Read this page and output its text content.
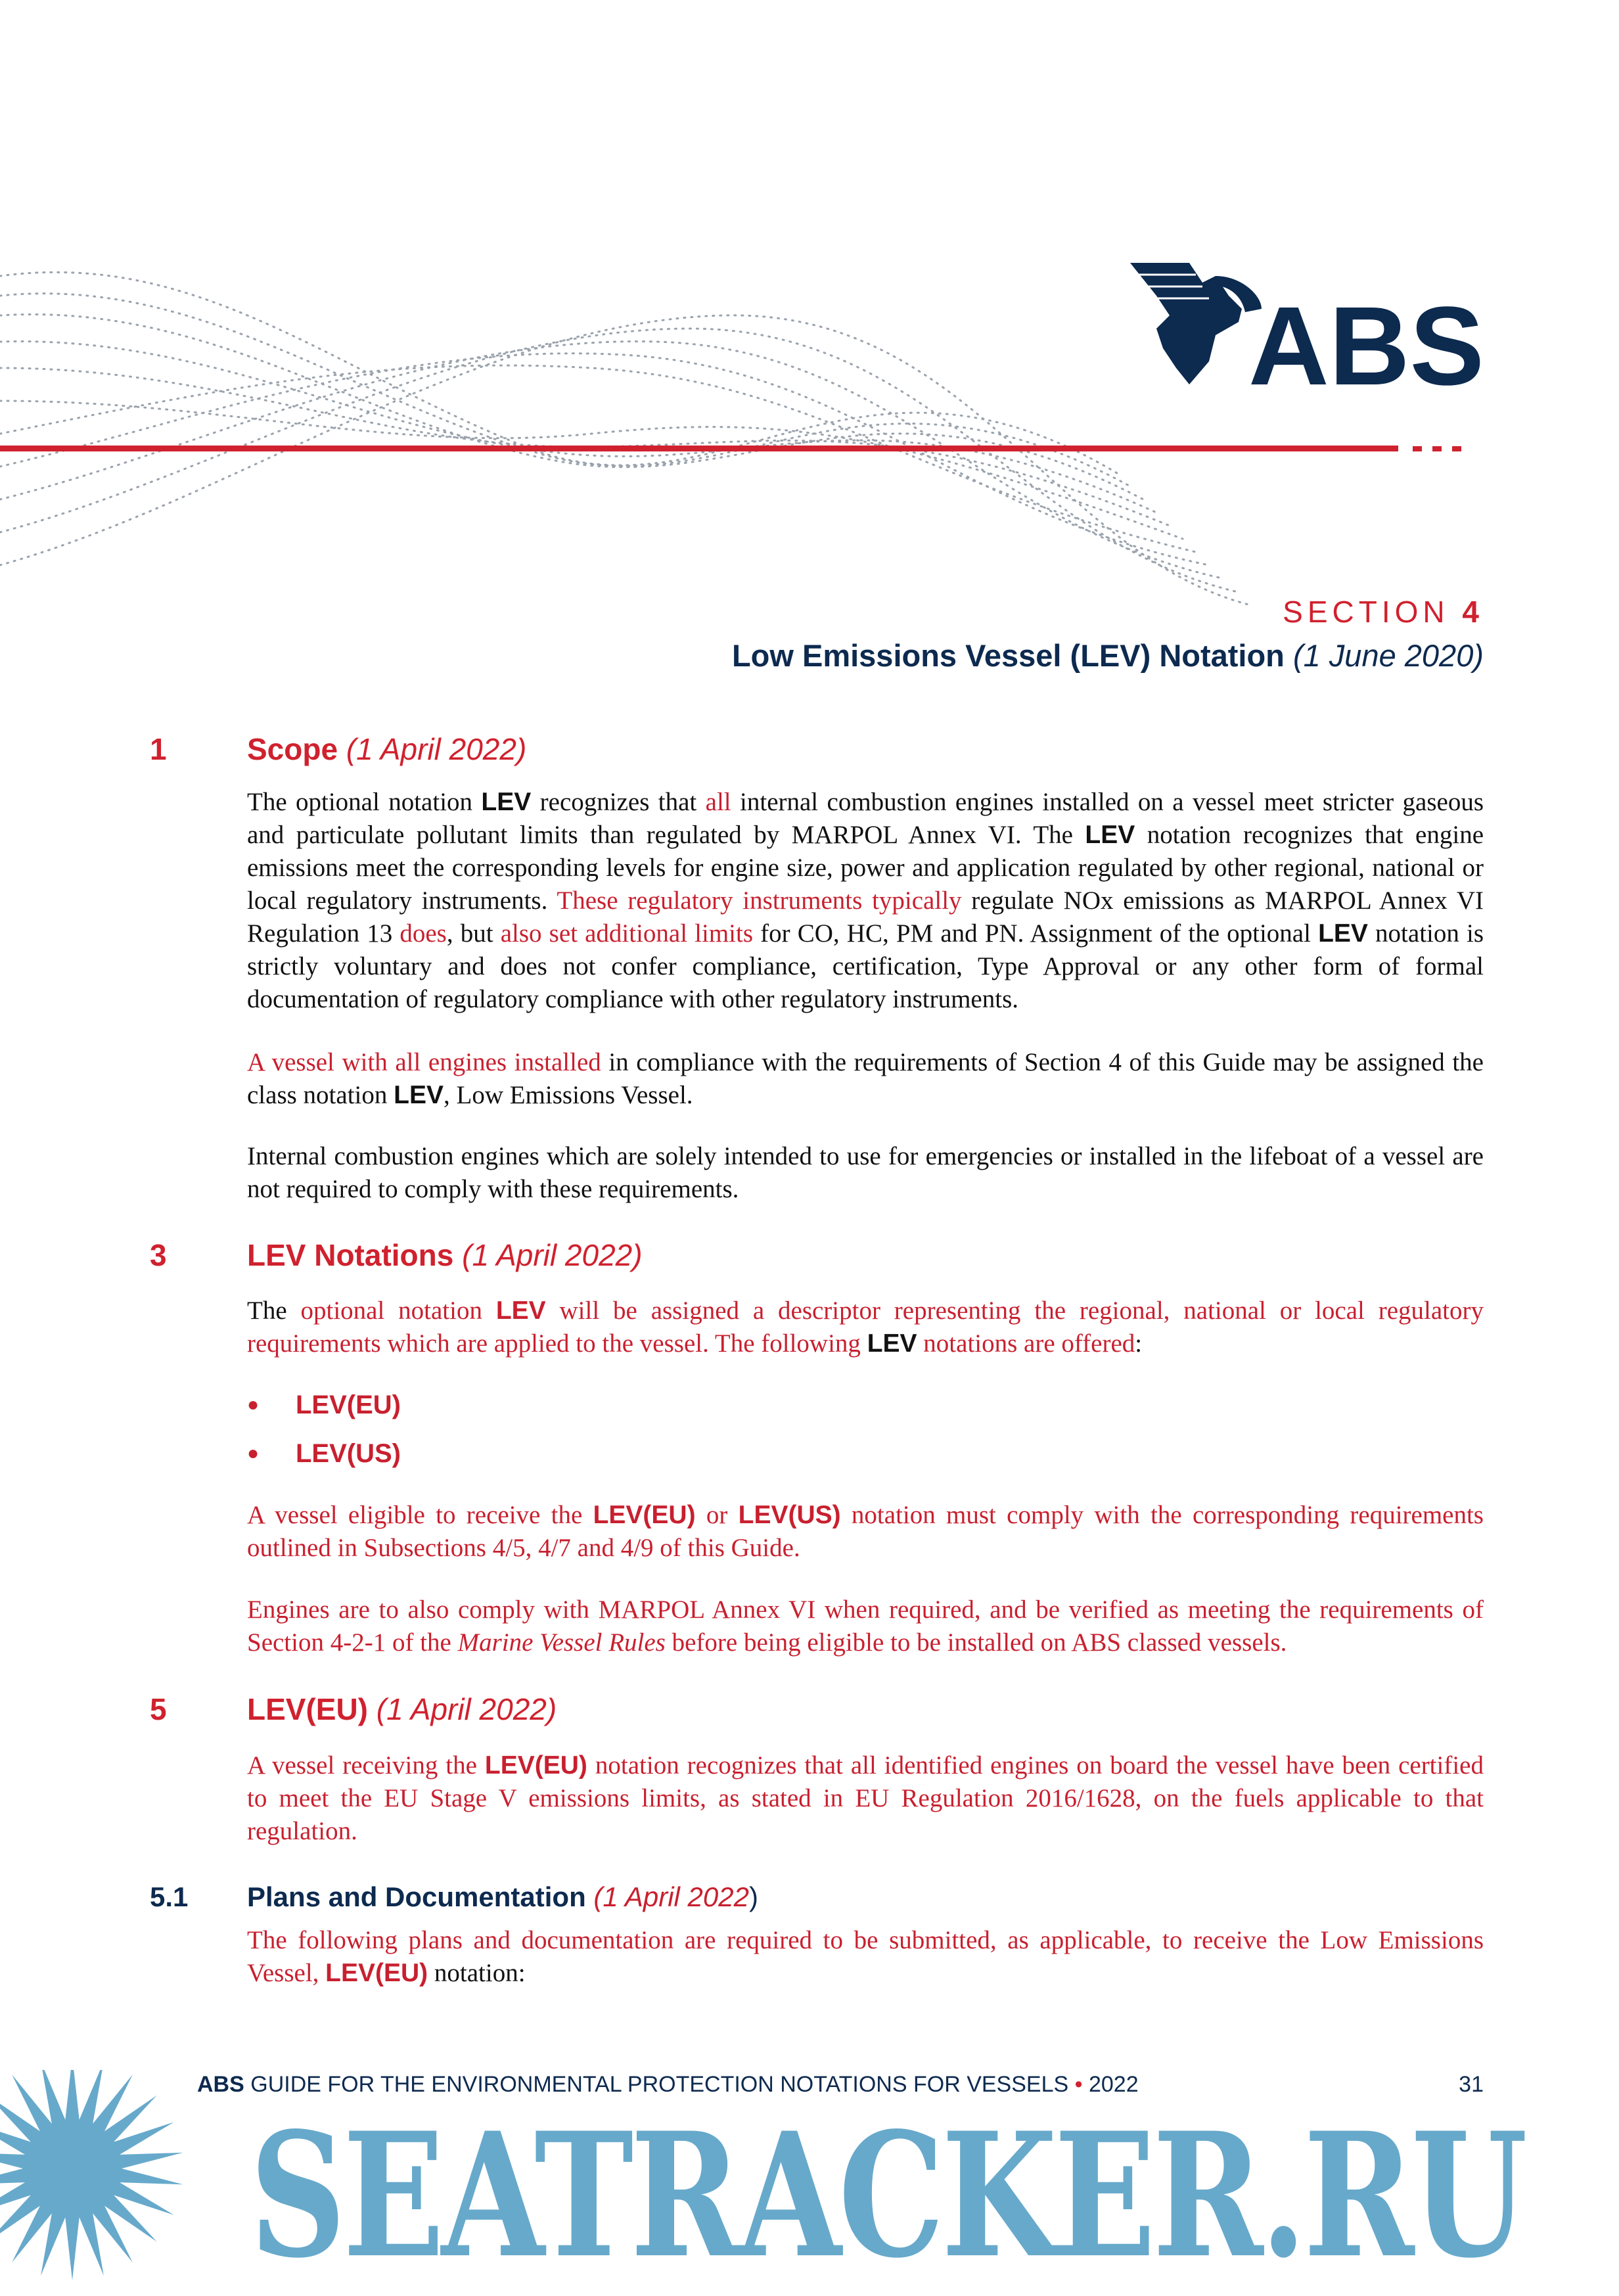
ABS
SECTION 4
Low Emissions Vessel (LEV) Notation (1 June 2020)
1	Scope (1 April 2022)
The optional notation LEV recognizes that all internal combustion engines installed on a vessel meet stricter gaseous and particulate pollutant limits than regulated by MARPOL Annex VI. The LEV notation recognizes that engine emissions meet the corresponding levels for engine size, power and application regulated by other regional, national or local regulatory instruments. These regulatory instruments typically regulate NOx emissions as MARPOL Annex VI Regulation 13 does, but also set additional limits for CO, HC, PM and PN. Assignment of the optional LEV notation is strictly voluntary and does not confer compliance, certification, Type Approval or any other form of formal documentation of regulatory compliance with other regulatory instruments.
A vessel with all engines installed in compliance with the requirements of Section 4 of this Guide may be assigned the class notation LEV, Low Emissions Vessel.
Internal combustion engines which are solely intended to use for emergencies or installed in the lifeboat of a vessel are not required to comply with these requirements.
3	LEV Notations (1 April 2022)
The optional notation LEV will be assigned a descriptor representing the regional, national or local regulatory requirements which are applied to the vessel. The following LEV notations are offered:
●	LEV(EU)
●	LEV(US)
A vessel eligible to receive the LEV(EU) or LEV(US) notation must comply with the corresponding requirements outlined in Subsections 4/5, 4/7 and 4/9 of this Guide.
Engines are to also comply with MARPOL Annex VI when required, and be verified as meeting the requirements of Section 4-2-1 of the Marine Vessel Rules before being eligible to be installed on ABS classed vessels.
5	LEV(EU) (1 April 2022)
A vessel receiving the LEV(EU) notation recognizes that all identified engines on board the vessel have been certified to meet the EU Stage V emissions limits, as stated in EU Regulation 2016/1628, on the fuels applicable to that regulation.
5.1	Plans and Documentation (1 April 2022)
The following plans and documentation are required to be submitted, as applicable, to receive the Low Emissions Vessel, LEV(EU) notation:
SEATRACKER.RU
ABS GUIDE FOR THE ENVIRONMENTAL PROTECTION NOTATIONS FOR VESSELS • 2022	31
